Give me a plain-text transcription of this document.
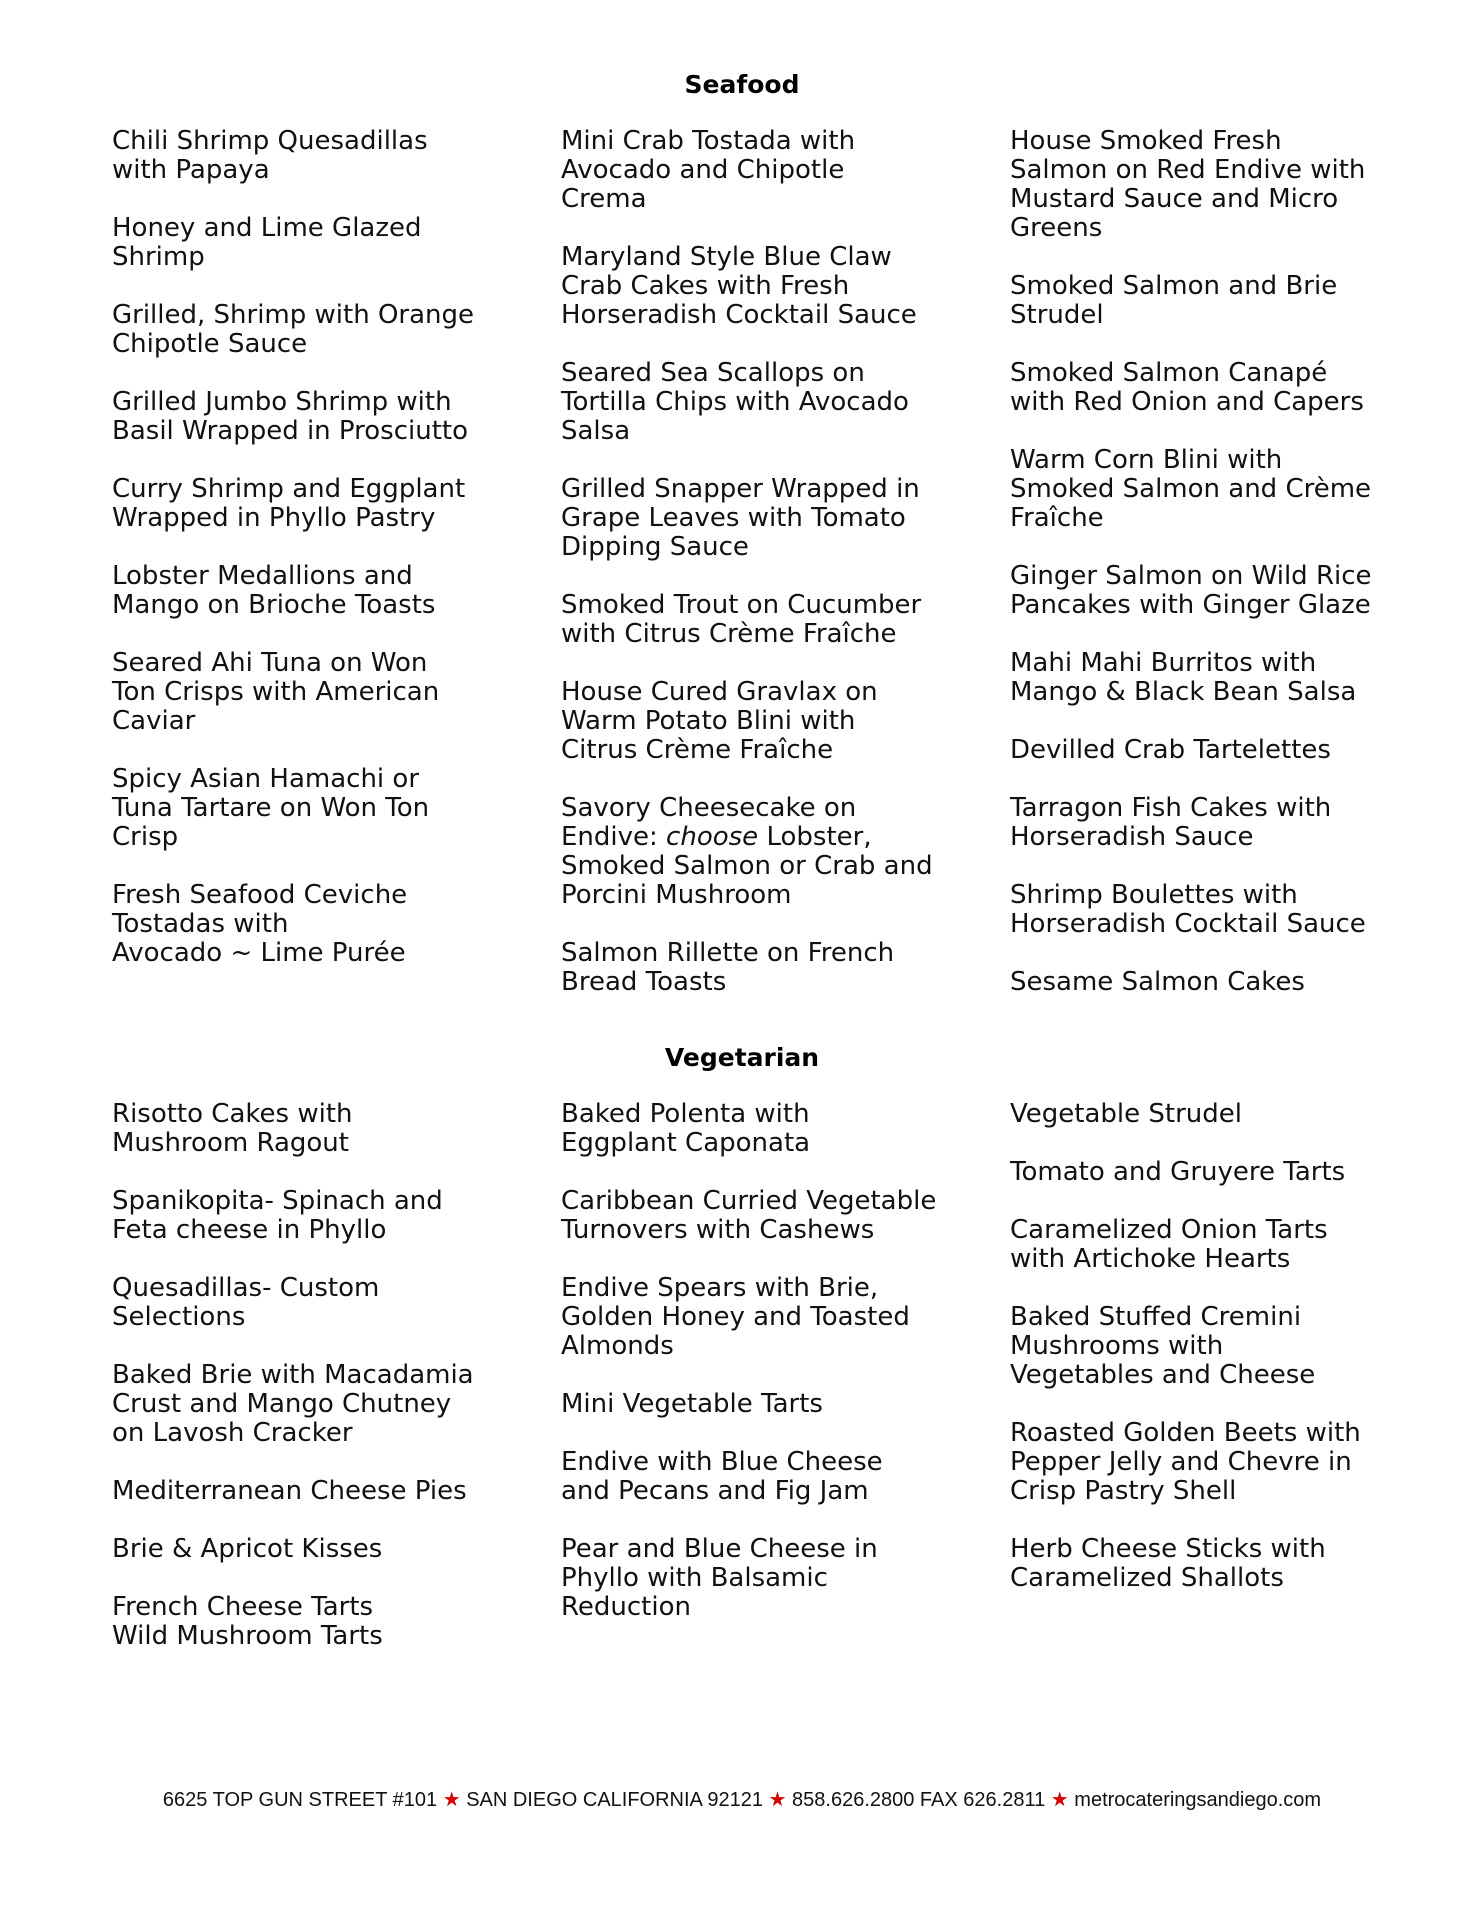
Seafood
Chili Shrimp Quesadillas
with Papaya
Honey and Lime Glazed
Shrimp
Grilled, Shrimp with Orange
Chipotle Sauce
Grilled Jumbo Shrimp with
Basil Wrapped in Prosciutto
Curry Shrimp and Eggplant
Wrapped in Phyllo Pastry
Lobster Medallions and
Mango on Brioche Toasts
Seared Ahi Tuna on Won
Ton Crisps with American
Caviar
Spicy Asian Hamachi or
Tuna Tartare on Won Ton
Crisp
Fresh Seafood Ceviche
Tostadas with
Avocado ~ Lime Purée
Mini Crab Tostada with
Avocado and Chipotle
Crema
Maryland Style Blue Claw
Crab Cakes with Fresh
Horseradish Cocktail Sauce
Seared Sea Scallops on
Tortilla Chips with Avocado
Salsa
Grilled Snapper Wrapped in
Grape Leaves with Tomato
Dipping Sauce
Smoked Trout on Cucumber
with Citrus Crème Fraîche
House Cured Gravlax on
Warm Potato Blini with
Citrus Crème Fraîche
Savory Cheesecake on
Endive: choose Lobster,
Smoked Salmon or Crab and
Porcini Mushroom
Salmon Rillette on French
Bread Toasts
House Smoked Fresh
Salmon on Red Endive with
Mustard Sauce and Micro
Greens
Smoked Salmon and Brie
Strudel
Smoked Salmon Canapé
with Red Onion and Capers
Warm Corn Blini with
Smoked Salmon and Crème
Fraîche
Ginger Salmon on Wild Rice
Pancakes with Ginger Glaze
Mahi Mahi Burritos with
Mango & Black Bean Salsa
Devilled Crab Tartelettes
Tarragon Fish Cakes with
Horseradish Sauce
Shrimp Boulettes with
Horseradish Cocktail Sauce
Sesame Salmon Cakes
Vegetarian
Risotto Cakes with
Mushroom Ragout
Spanikopita- Spinach and
Feta cheese in Phyllo
Quesadillas- Custom
Selections
Baked Brie with Macadamia
Crust and Mango Chutney
on Lavosh Cracker
Mediterranean Cheese Pies
Brie & Apricot Kisses
French Cheese Tarts
Wild Mushroom Tarts
Baked Polenta with
Eggplant Caponata
Caribbean Curried Vegetable
Turnovers with Cashews
Endive Spears with Brie,
Golden Honey and Toasted
Almonds
Mini Vegetable Tarts
Endive with Blue Cheese
and Pecans and Fig Jam
Pear and Blue Cheese in
Phyllo with Balsamic
Reduction
Vegetable Strudel
Tomato and Gruyere Tarts
Caramelized Onion Tarts
with Artichoke Hearts
Baked Stuffed Cremini
Mushrooms with
Vegetables and Cheese
Roasted Golden Beets with
Pepper Jelly and Chevre in
Crisp Pastry Shell
Herb Cheese Sticks with
Caramelized Shallots
6625 TOP GUN STREET #101 ★ SAN DIEGO CALIFORNIA 92121 ★ 858.626.2800 FAX 626.2811 ★ metrocateringsandiego.com
